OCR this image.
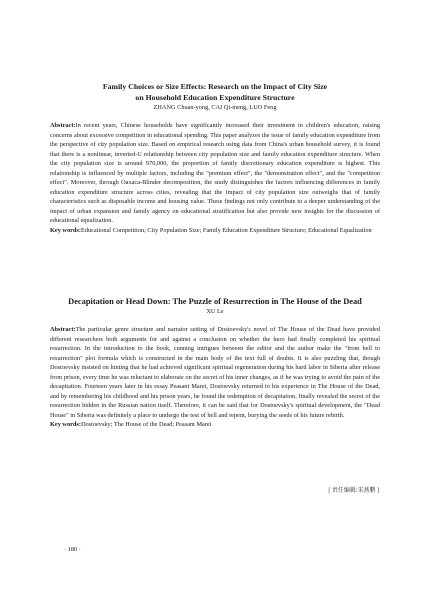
Family Choices or Size Effects: Research on the Impact of City Size

on Household Education Expenditure Structure

ZHANG Chuan-yong, CAI Qi-meng, LUO Feng

Abstract:In recent years, Chinese households have significantly increased their investment in children's education, raising concerns about excessive competition in educational spending. This paper analyzes the issue of family education expenditure from the perspective of city population size. Based on empirical research using data from China's urban household survey, it is found that there is a nonlinear, inverted-U relationship between city population size and family education expenditure structure. When the city population size is around 970,000, the proportion of family discretionary education expenditure is highest. This relationship is influenced by multiple factors, including the "premium effect", the "demonstration effect", and the "competition effect". Moreover, through Oaxaca-Blinder decomposition, the study distinguishes the factors influencing differences in family education expenditure structure across cities, revealing that the impact of city population size outweighs that of family characteristics such as disposable income and housing value. These findings not only contribute to a deeper understanding of the impact of urban expansion and family agency on educational stratification but also provide new insights for the discussion of educational equalization.

Key words:Educational Competition; City Population Size; Family Education Expenditure Structure; Educational Equalization

Decapitation or Head Down: The Puzzle of Resurrection in The House of the Dead

XU Le

Abstract:The particular genre structure and narrator setting of Dostoevsky's novel of The House of the Dead have provided different researchers both arguments for and against a conclusion on whether the hero had finally completed his spiritual resurrection. In the introduction to the book, cunning intrigues between the editor and the author make the "from hell to resurrection" plot formula which is constructed in the main body of the text full of doubts. It is also puzzling that, though Dostoevsky insisted on hinting that he had achieved significant spiritual regeneration during his hard labor in Siberia after release from prison, every time he was reluctant to elaborate on the secret of his inner changes, as if he was trying to avoid the pain of the decapitation. Fourteen years later in his essay Peasant Marei, Dostoevsky returned to his experience in The House of the Dead, and by remembering his childhood and his prison years, he found the redemption of decapitation, finally revealed the secret of the resurrection hidden in the Russian nation itself. Therefore, it can be said that for Dostoevsky's spiritual development, the "Dead House" in Siberia was definitely a place to undergo the test of hell and repent, burying the seeds of his future rebirth.

Key words:Dostoevsky; The House of the Dead; Peasant Marei

[ 责任编辑:宋燕鹏 ]
· 180 ·
